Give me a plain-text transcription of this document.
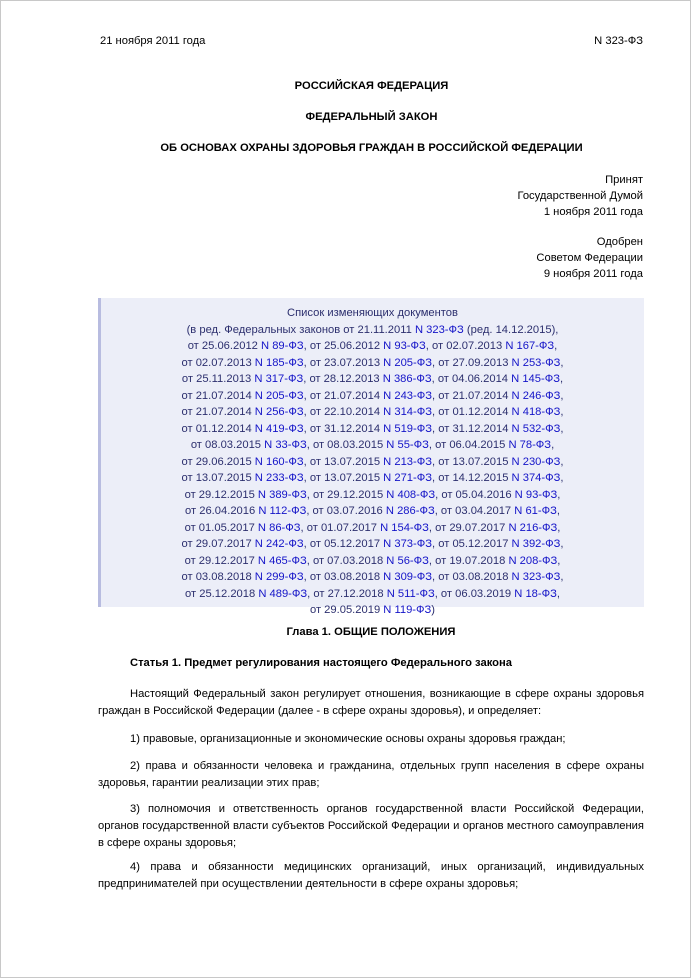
21 ноября 2011 года	N 323-ФЗ
РОССИЙСКАЯ ФЕДЕРАЦИЯ
ФЕДЕРАЛЬНЫЙ ЗАКОН
ОБ ОСНОВАХ ОХРАНЫ ЗДОРОВЬЯ ГРАЖДАН В РОССИЙСКОЙ ФЕДЕРАЦИИ
Принят
Государственной Думой
1 ноября 2011 года
Одобрен
Советом Федерации
9 ноября 2011 года
Список изменяющих документов
(в ред. Федеральных законов от 21.11.2011 N 323-ФЗ (ред. 14.12.2015),
от 25.06.2012 N 89-ФЗ, от 25.06.2012 N 93-ФЗ, от 02.07.2013 N 167-ФЗ,
от 02.07.2013 N 185-ФЗ, от 23.07.2013 N 205-ФЗ, от 27.09.2013 N 253-ФЗ,
от 25.11.2013 N 317-ФЗ, от 28.12.2013 N 386-ФЗ, от 04.06.2014 N 145-ФЗ,
от 21.07.2014 N 205-ФЗ, от 21.07.2014 N 243-ФЗ, от 21.07.2014 N 246-ФЗ,
от 21.07.2014 N 256-ФЗ, от 22.10.2014 N 314-ФЗ, от 01.12.2014 N 418-ФЗ,
от 01.12.2014 N 419-ФЗ, от 31.12.2014 N 519-ФЗ, от 31.12.2014 N 532-ФЗ,
от 08.03.2015 N 33-ФЗ, от 08.03.2015 N 55-ФЗ, от 06.04.2015 N 78-ФЗ,
от 29.06.2015 N 160-ФЗ, от 13.07.2015 N 213-ФЗ, от 13.07.2015 N 230-ФЗ,
от 13.07.2015 N 233-ФЗ, от 13.07.2015 N 271-ФЗ, от 14.12.2015 N 374-ФЗ,
от 29.12.2015 N 389-ФЗ, от 29.12.2015 N 408-ФЗ, от 05.04.2016 N 93-ФЗ,
от 26.04.2016 N 112-ФЗ, от 03.07.2016 N 286-ФЗ, от 03.04.2017 N 61-ФЗ,
от 01.05.2017 N 86-ФЗ, от 01.07.2017 N 154-ФЗ, от 29.07.2017 N 216-ФЗ,
от 29.07.2017 N 242-ФЗ, от 05.12.2017 N 373-ФЗ, от 05.12.2017 N 392-ФЗ,
от 29.12.2017 N 465-ФЗ, от 07.03.2018 N 56-ФЗ, от 19.07.2018 N 208-ФЗ,
от 03.08.2018 N 299-ФЗ, от 03.08.2018 N 309-ФЗ, от 03.08.2018 N 323-ФЗ,
от 25.12.2018 N 489-ФЗ, от 27.12.2018 N 511-ФЗ, от 06.03.2019 N 18-ФЗ,
от 29.05.2019 N 119-ФЗ)
Глава 1. ОБЩИЕ ПОЛОЖЕНИЯ
Статья 1. Предмет регулирования настоящего Федерального закона
Настоящий Федеральный закон регулирует отношения, возникающие в сфере охраны здоровья граждан в Российской Федерации (далее - в сфере охраны здоровья), и определяет:
1) правовые, организационные и экономические основы охраны здоровья граждан;
2) права и обязанности человека и гражданина, отдельных групп населения в сфере охраны здоровья, гарантии реализации этих прав;
3) полномочия и ответственность органов государственной власти Российской Федерации, органов государственной власти субъектов Российской Федерации и органов местного самоуправления в сфере охраны здоровья;
4) права и обязанности медицинских организаций, иных организаций, индивидуальных предпринимателей при осуществлении деятельности в сфере охраны здоровья;
